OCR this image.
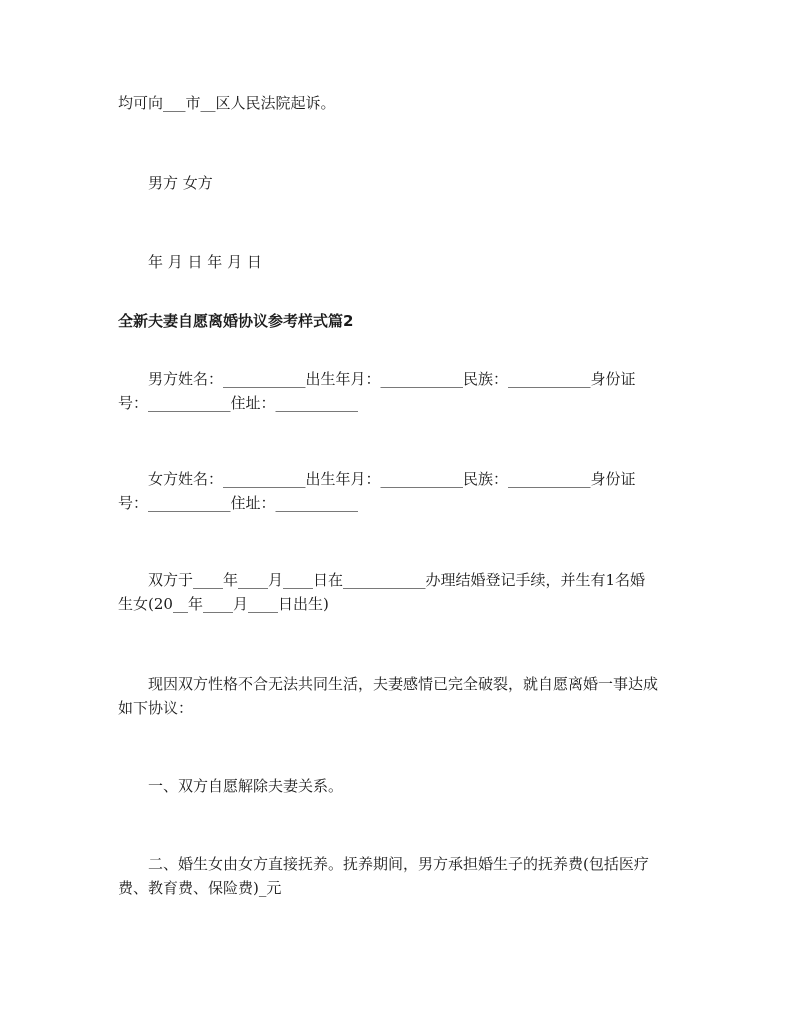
均可向___市__区人民法院起诉。
男方 女方
年 月 日 年 月 日
全新夫妻自愿离婚协议参考样式篇2
男方姓名：___________出生年月：___________民族：___________身份证
号：___________住址：___________
女方姓名：___________出生年月：___________民族：___________身份证
号：___________住址：___________
双方于____年____月____日在___________办理结婚登记手续，并生有1名婚
生女(20__年____月____日出生)
现因双方性格不合无法共同生活，夫妻感情已完全破裂，就自愿离婚一事达成
如下协议：
一、双方自愿解除夫妻关系。
二、婚生女由女方直接抚养。抚养期间，男方承担婚生子的抚养费(包括医疗
费、教育费、保险费)_元
